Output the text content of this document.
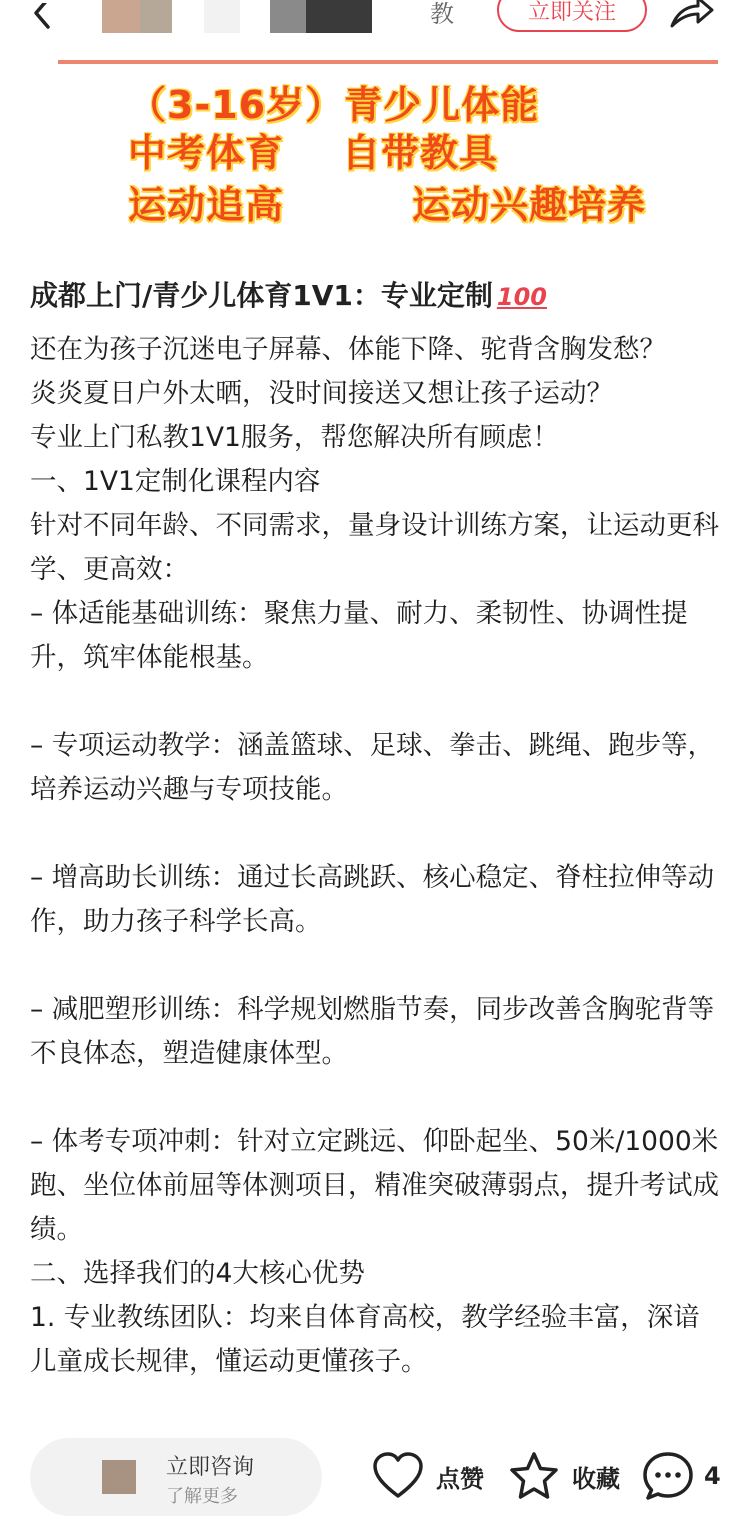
教	立即关注
（3-16岁）青少儿体能
中考体育 自带教具
运动追高	运动兴趣培养
成都上门/青少儿体育1V1：专业定制 100

还在为孩子沉迷电子屏幕、体能下降、驼背含胸发愁？

炎炎夏日户外太晒，没时间接送又想让孩子运动？

专业上门私教1V1服务，帮您解决所有顾虑！

一、1V1定制化课程内容

针对不同年龄、不同需求，量身设计训练方案，让运动更科学、更高效：

– 体适能基础训练：聚焦力量、耐力、柔韧性、协调性提升，筑牢体能根基。

– 专项运动教学：涵盖篮球、足球、拳击、跳绳、跑步等，培养运动兴趣与专项技能。

– 增高助长训练：通过长高跳跃、核心稳定、脊柱拉伸等动作，助力孩子科学长高。

– 减肥塑形训练：科学规划燃脂节奏，同步改善含胸驼背等不良体态，塑造健康体型。

– 体考专项冲刺：针对立定跳远、仰卧起坐、50米/1000米跑、坐位体前屈等体测项目，精准突破薄弱点，提升考试成绩。

二、选择我们的4大核心优势

1. 专业教练团队：均来自体育高校，教学经验丰富，深谙儿童成长规律，懂运动更懂孩子。

立即咨询
了解更多
点赞	收藏	4
